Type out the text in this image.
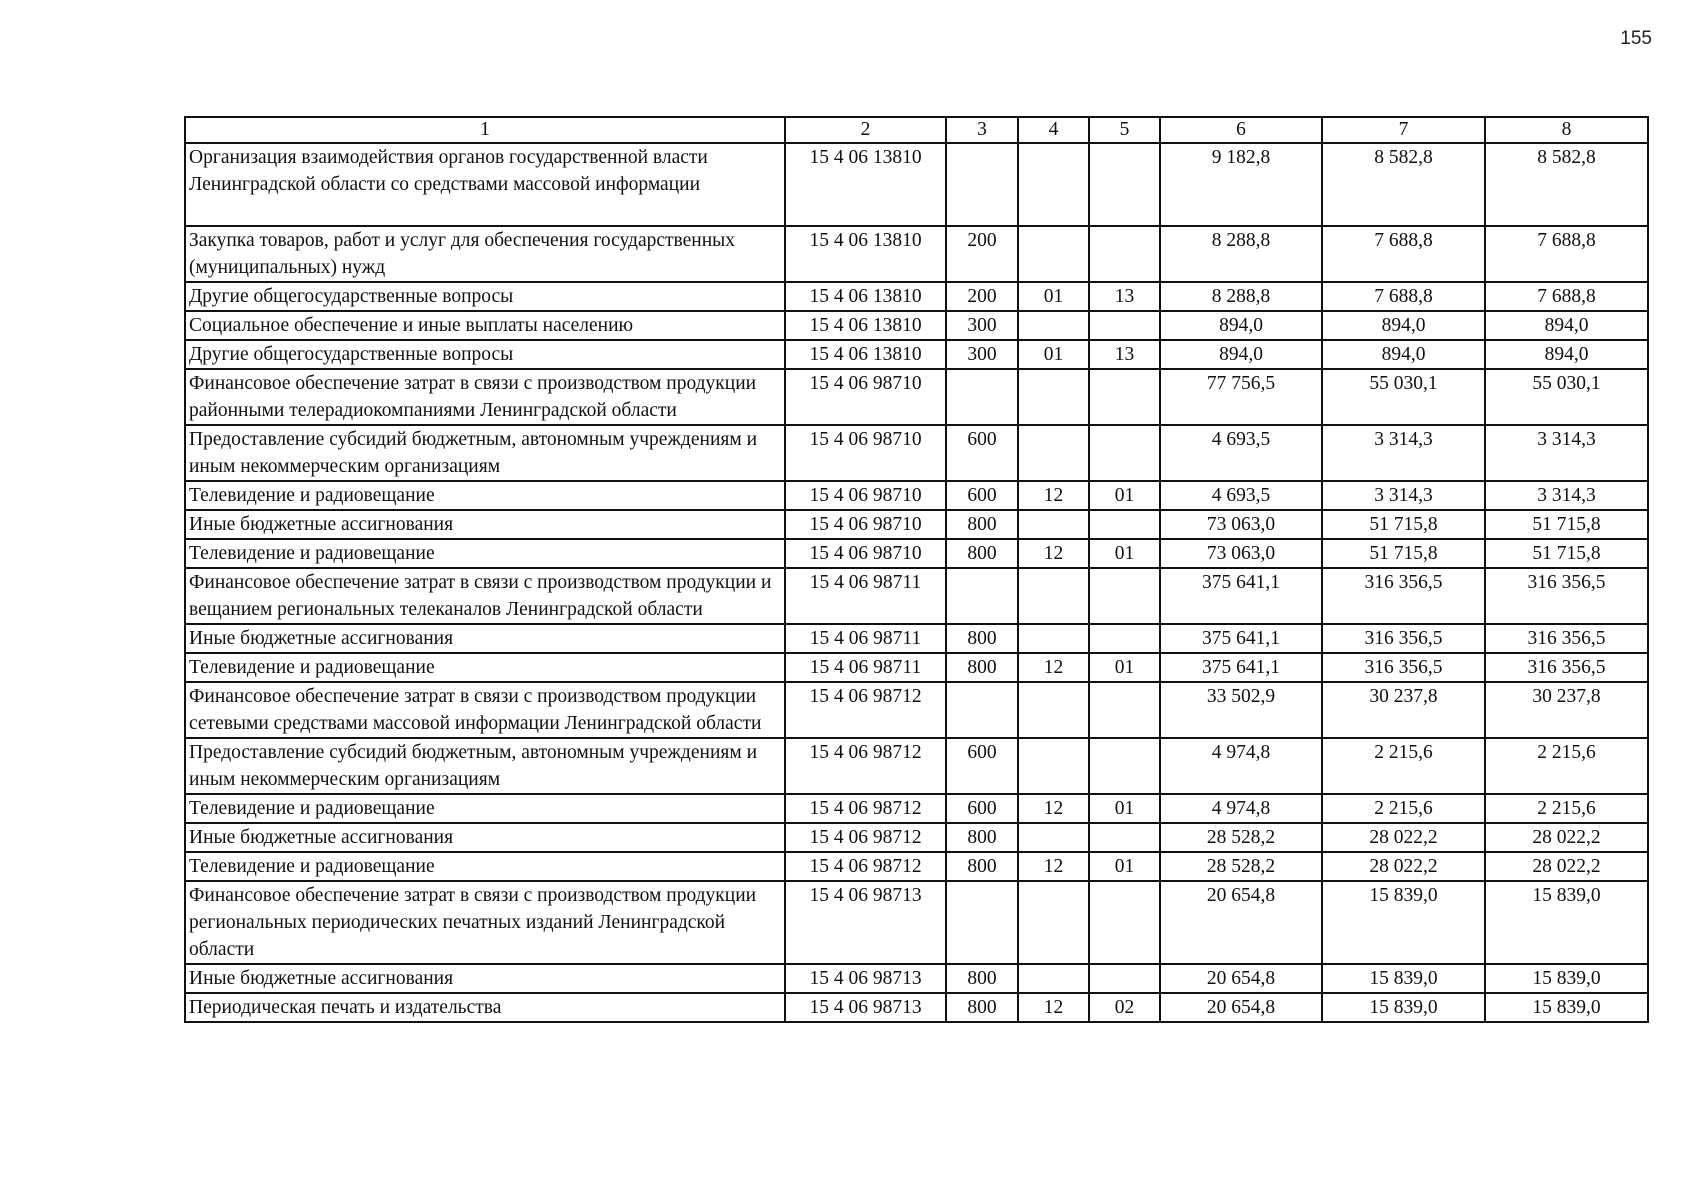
155
1	2	3	4	5	6	7	8
Организация взаимодействия органов государственной власти Ленинградской области со средствами массовой информации	15 4 06 13810				9 182,8	8 582,8	8 582,8
Закупка товаров, работ и услуг для обеспечения государственных (муниципальных) нужд	15 4 06 13810	200			8 288,8	7 688,8	7 688,8
Другие общегосударственные вопросы	15 4 06 13810	200	01	13	8 288,8	7 688,8	7 688,8
Социальное обеспечение и иные выплаты населению	15 4 06 13810	300			894,0	894,0	894,0
Другие общегосударственные вопросы	15 4 06 13810	300	01	13	894,0	894,0	894,0
Финансовое обеспечение затрат в связи с производством продукции районными телерадиокомпаниями Ленинградской области	15 4 06 98710				77 756,5	55 030,1	55 030,1
Предоставление субсидий бюджетным, автономным учреждениям и иным некоммерческим организациям	15 4 06 98710	600			4 693,5	3 314,3	3 314,3
Телевидение и радиовещание	15 4 06 98710	600	12	01	4 693,5	3 314,3	3 314,3
Иные бюджетные ассигнования	15 4 06 98710	800			73 063,0	51 715,8	51 715,8
Телевидение и радиовещание	15 4 06 98710	800	12	01	73 063,0	51 715,8	51 715,8
Финансовое обеспечение затрат в связи с производством продукции и вещанием региональных телеканалов Ленинградской области	15 4 06 98711				375 641,1	316 356,5	316 356,5
Иные бюджетные ассигнования	15 4 06 98711	800			375 641,1	316 356,5	316 356,5
Телевидение и радиовещание	15 4 06 98711	800	12	01	375 641,1	316 356,5	316 356,5
Финансовое обеспечение затрат в связи с производством продукции сетевыми средствами массовой информации Ленинградской области	15 4 06 98712				33 502,9	30 237,8	30 237,8
Предоставление субсидий бюджетным, автономным учреждениям и иным некоммерческим организациям	15 4 06 98712	600			4 974,8	2 215,6	2 215,6
Телевидение и радиовещание	15 4 06 98712	600	12	01	4 974,8	2 215,6	2 215,6
Иные бюджетные ассигнования	15 4 06 98712	800			28 528,2	28 022,2	28 022,2
Телевидение и радиовещание	15 4 06 98712	800	12	01	28 528,2	28 022,2	28 022,2
Финансовое обеспечение затрат в связи с производством продукции региональных периодических печатных изданий Ленинградской области	15 4 06 98713				20 654,8	15 839,0	15 839,0
Иные бюджетные ассигнования	15 4 06 98713	800			20 654,8	15 839,0	15 839,0
Периодическая печать и издательства	15 4 06 98713	800	12	02	20 654,8	15 839,0	15 839,0
